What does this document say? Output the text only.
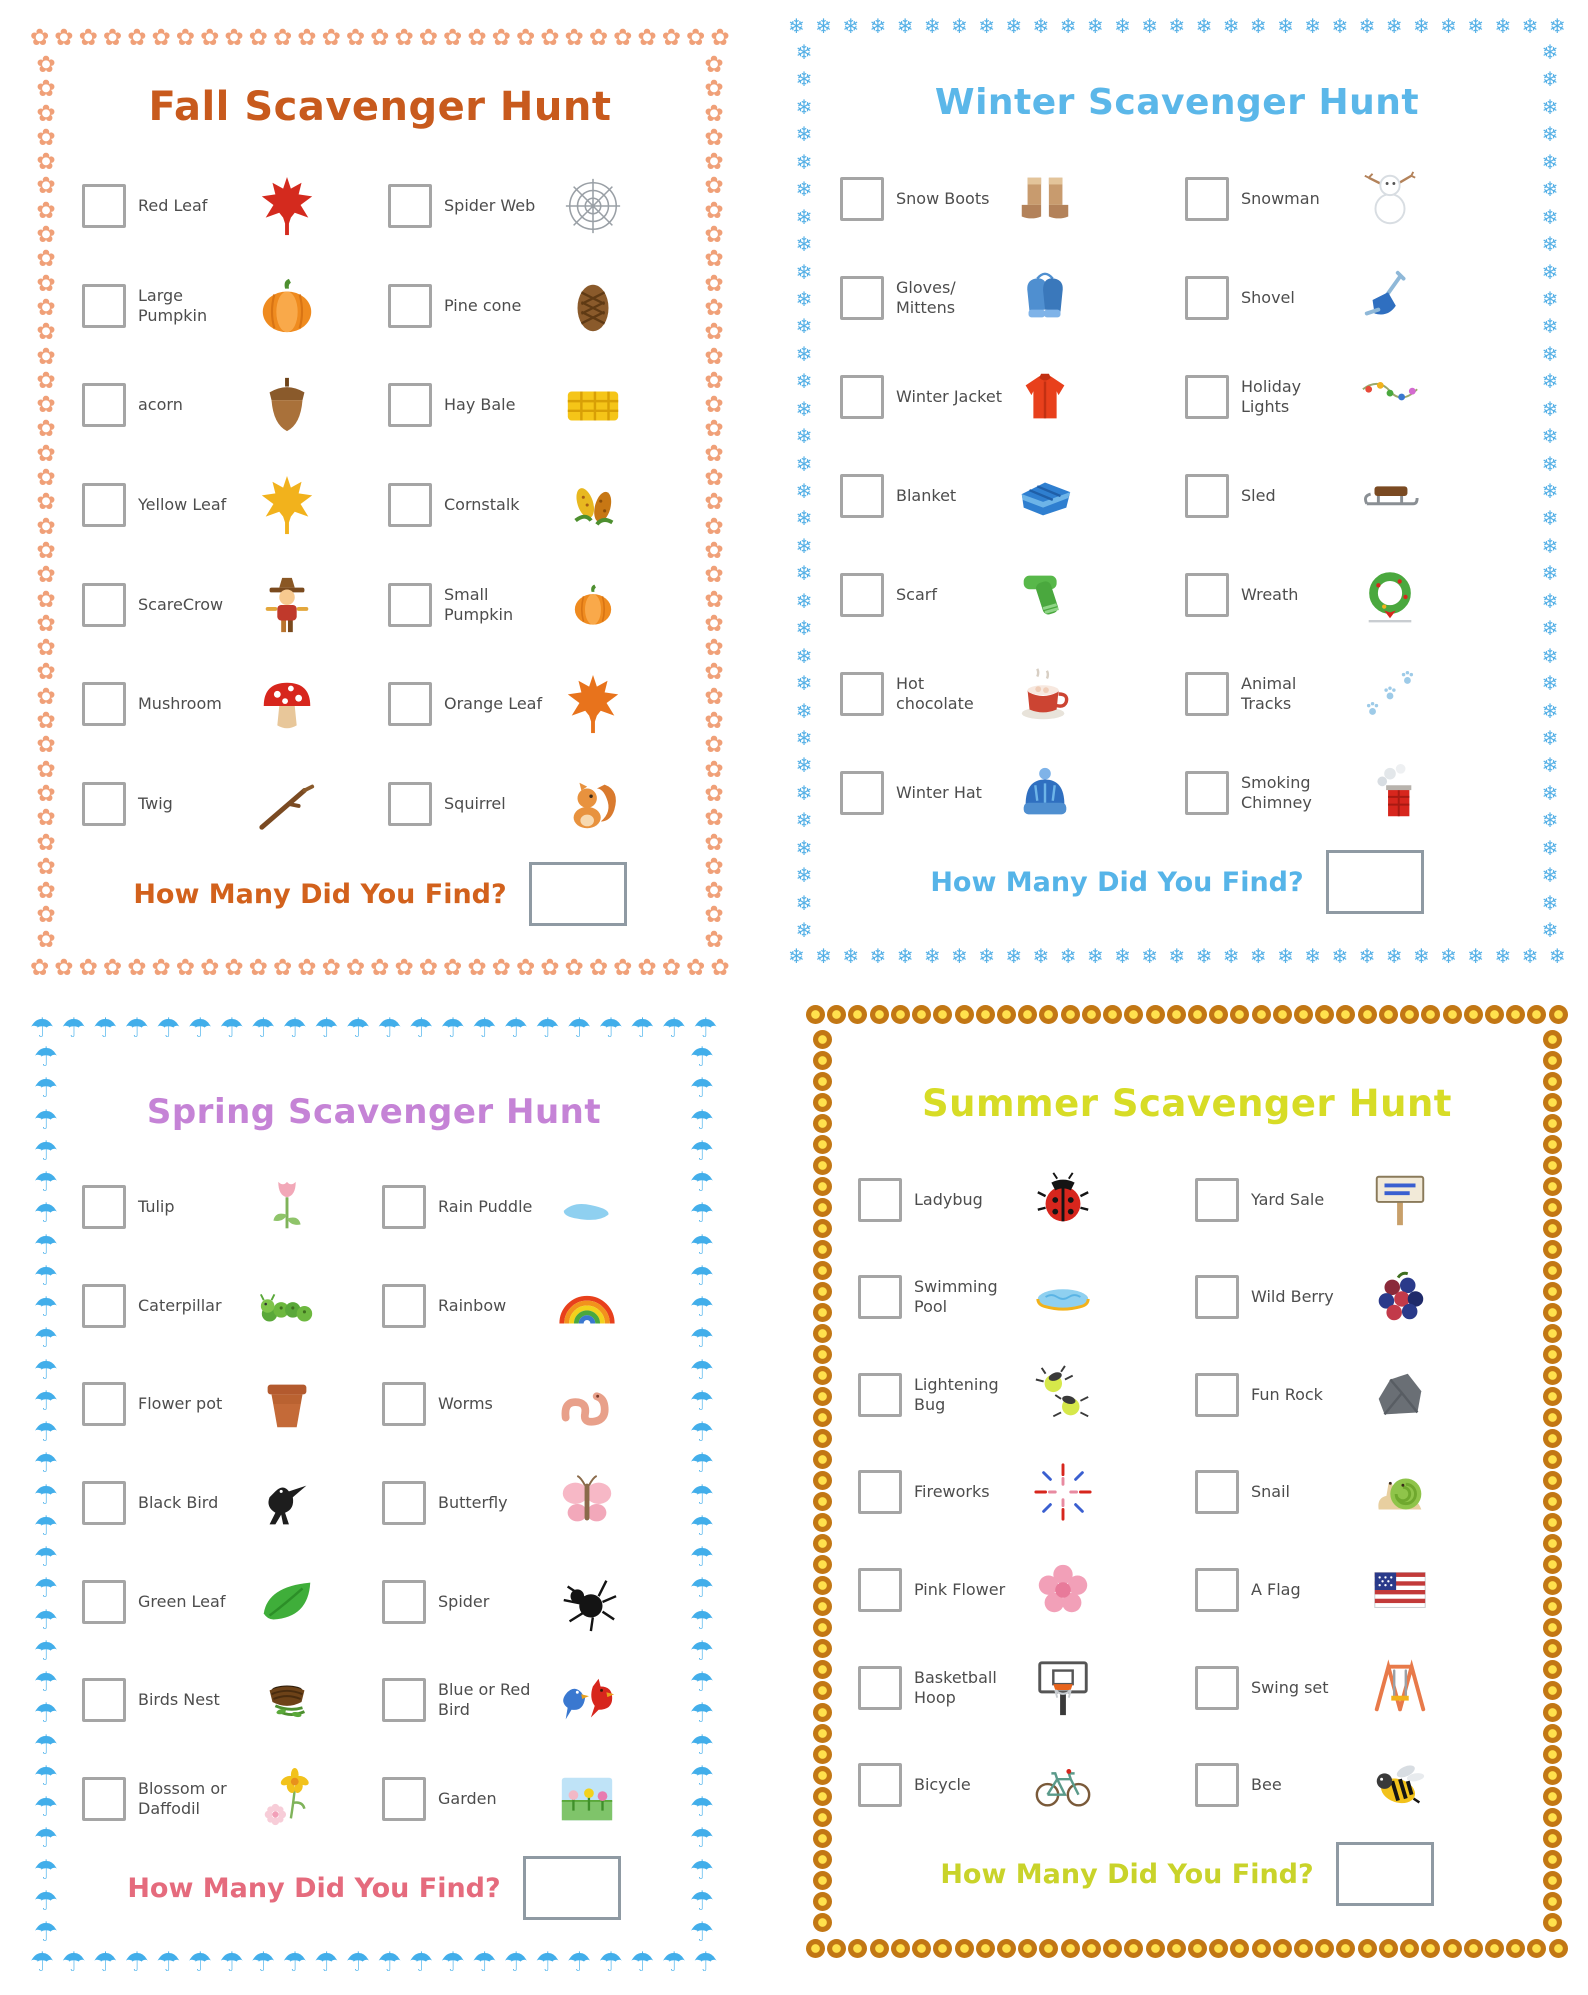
Fall Scavenger Hunt
Red Leaf
Large Pumpkin
acorn
Yellow Leaf
ScareCrow
Mushroom
Twig
Spider Web
Pine cone
Hay Bale
Cornstalk
Small Pumpkin
Orange Leaf
Squirrel
How Many Did You Find?
✿ ✿ ✿ ✿ ✿ ✿ ✿ ✿ ✿ ✿ ✿ ✿ ✿ ✿ ✿ ✿ ✿ ✿ ✿ ✿ ✿ ✿ ✿ ✿ ✿ ✿ ✿ ✿ ✿
✿ ✿ ✿ ✿ ✿ ✿ ✿ ✿ ✿ ✿ ✿ ✿ ✿ ✿ ✿ ✿ ✿ ✿ ✿ ✿ ✿ ✿ ✿ ✿ ✿ ✿ ✿ ✿ ✿
✿
✿
✿
✿
✿
✿
✿
✿
✿
✿
✿
✿
✿
✿
✿
✿
✿
✿
✿
✿
✿
✿
✿
✿
✿
✿
✿
✿
✿
✿
✿
✿
✿
✿
✿
✿
✿
✿
✿
✿
✿
✿
✿
✿
✿
✿
✿
✿
✿
✿
✿
✿
✿
✿
✿
✿
✿
✿
✿
✿
✿
✿
✿
✿
✿
✿
✿
✿
✿
✿
✿
✿
✿
✿
Winter Scavenger Hunt
Snow Boots
Gloves/ Mittens
Winter Jacket
Blanket
Scarf
Hot chocolate
Winter Hat
Snowman
Shovel
Holiday Lights
Sled
Wreath
Animal Tracks
Smoking Chimney
How Many Did You Find?
❄ ❄ ❄ ❄ ❄ ❄ ❄ ❄ ❄ ❄ ❄ ❄ ❄ ❄ ❄ ❄ ❄ ❄ ❄ ❄ ❄ ❄ ❄ ❄ ❄ ❄ ❄ ❄ ❄
❄ ❄ ❄ ❄ ❄ ❄ ❄ ❄ ❄ ❄ ❄ ❄ ❄ ❄ ❄ ❄ ❄ ❄ ❄ ❄ ❄ ❄ ❄ ❄ ❄ ❄ ❄ ❄ ❄
❄
❄
❄
❄
❄
❄
❄
❄
❄
❄
❄
❄
❄
❄
❄
❄
❄
❄
❄
❄
❄
❄
❄
❄
❄
❄
❄
❄
❄
❄
❄
❄
❄
❄
❄
❄
❄
❄
❄
❄
❄
❄
❄
❄
❄
❄
❄
❄
❄
❄
❄
❄
❄
❄
❄
❄
❄
❄
❄
❄
❄
❄
❄
❄
❄
❄
Spring Scavenger Hunt
Tulip
Caterpillar
Flower pot
Black Bird
Green Leaf
Birds Nest
Blossom or Daffodil
Rain Puddle
Rainbow
Worms
Butterfly
Spider
Blue or Red Bird
Garden
How Many Did You Find?
☂ ☂ ☂ ☂ ☂ ☂ ☂ ☂ ☂ ☂ ☂ ☂ ☂ ☂ ☂ ☂ ☂ ☂ ☂ ☂ ☂ ☂
☂ ☂ ☂ ☂ ☂ ☂ ☂ ☂ ☂ ☂ ☂ ☂ ☂ ☂ ☂ ☂ ☂ ☂ ☂ ☂ ☂ ☂
☂
☂
☂
☂
☂
☂
☂
☂
☂
☂
☂
☂
☂
☂
☂
☂
☂
☂
☂
☂
☂
☂
☂
☂
☂
☂
☂
☂
☂
☂
☂
☂
☂
☂
☂
☂
☂
☂
☂
☂
☂
☂
☂
☂
☂
☂
☂
☂
☂
☂
☂
☂
☂
☂
☂
☂
☂
☂
Summer Scavenger Hunt
Ladybug
Swimming Pool
Lightening Bug
Fireworks
Pink Flower
Basketball Hoop
Bicycle
Yard Sale
Wild Berry
Fun Rock
Snail
A Flag
Swing set
Bee
How Many Did You Find?
